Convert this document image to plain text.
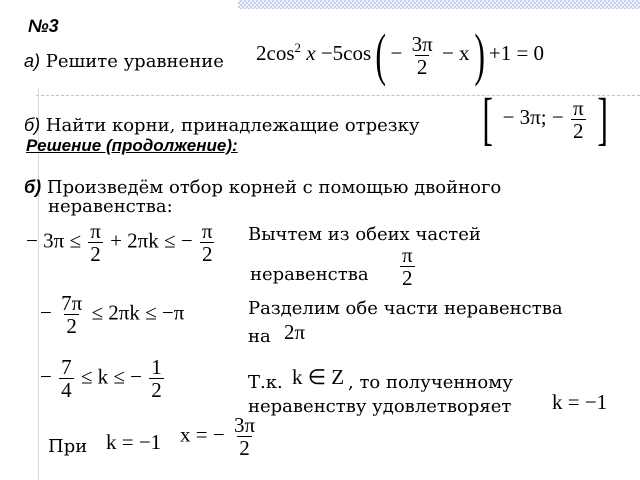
№3
а) Решите уравнение $2\cos^2$ $x -5\cos( - \frac{3\pi}{2} - x) +1 = 0$
б) Найти корни, принадлежащие отрезку [ − 3π; − $\frac{\pi}{2}$ ]
Решение (продолжение):
б) Произведём отбор корней с помощью двойного
неравенства:
− $3\pi \le \frac{\pi}{2} + 2\pi k$ ≤ − $\frac{\pi}{2}$ Вычтем из обеих частей
неравенства $\frac{\pi}{2}$
− $\frac{7\pi}{2} \le 2\pi k \le -\pi$	Разделим обе части неравенства
на 2π
− $\frac{7}{4} \le k$ ≤ − $\frac{1}{2}$	Т.к. k ∈ Z , то полученному
неравенству удовлетворяет k = −1
При k = −1 x = − $\frac{3\pi}{2}$
